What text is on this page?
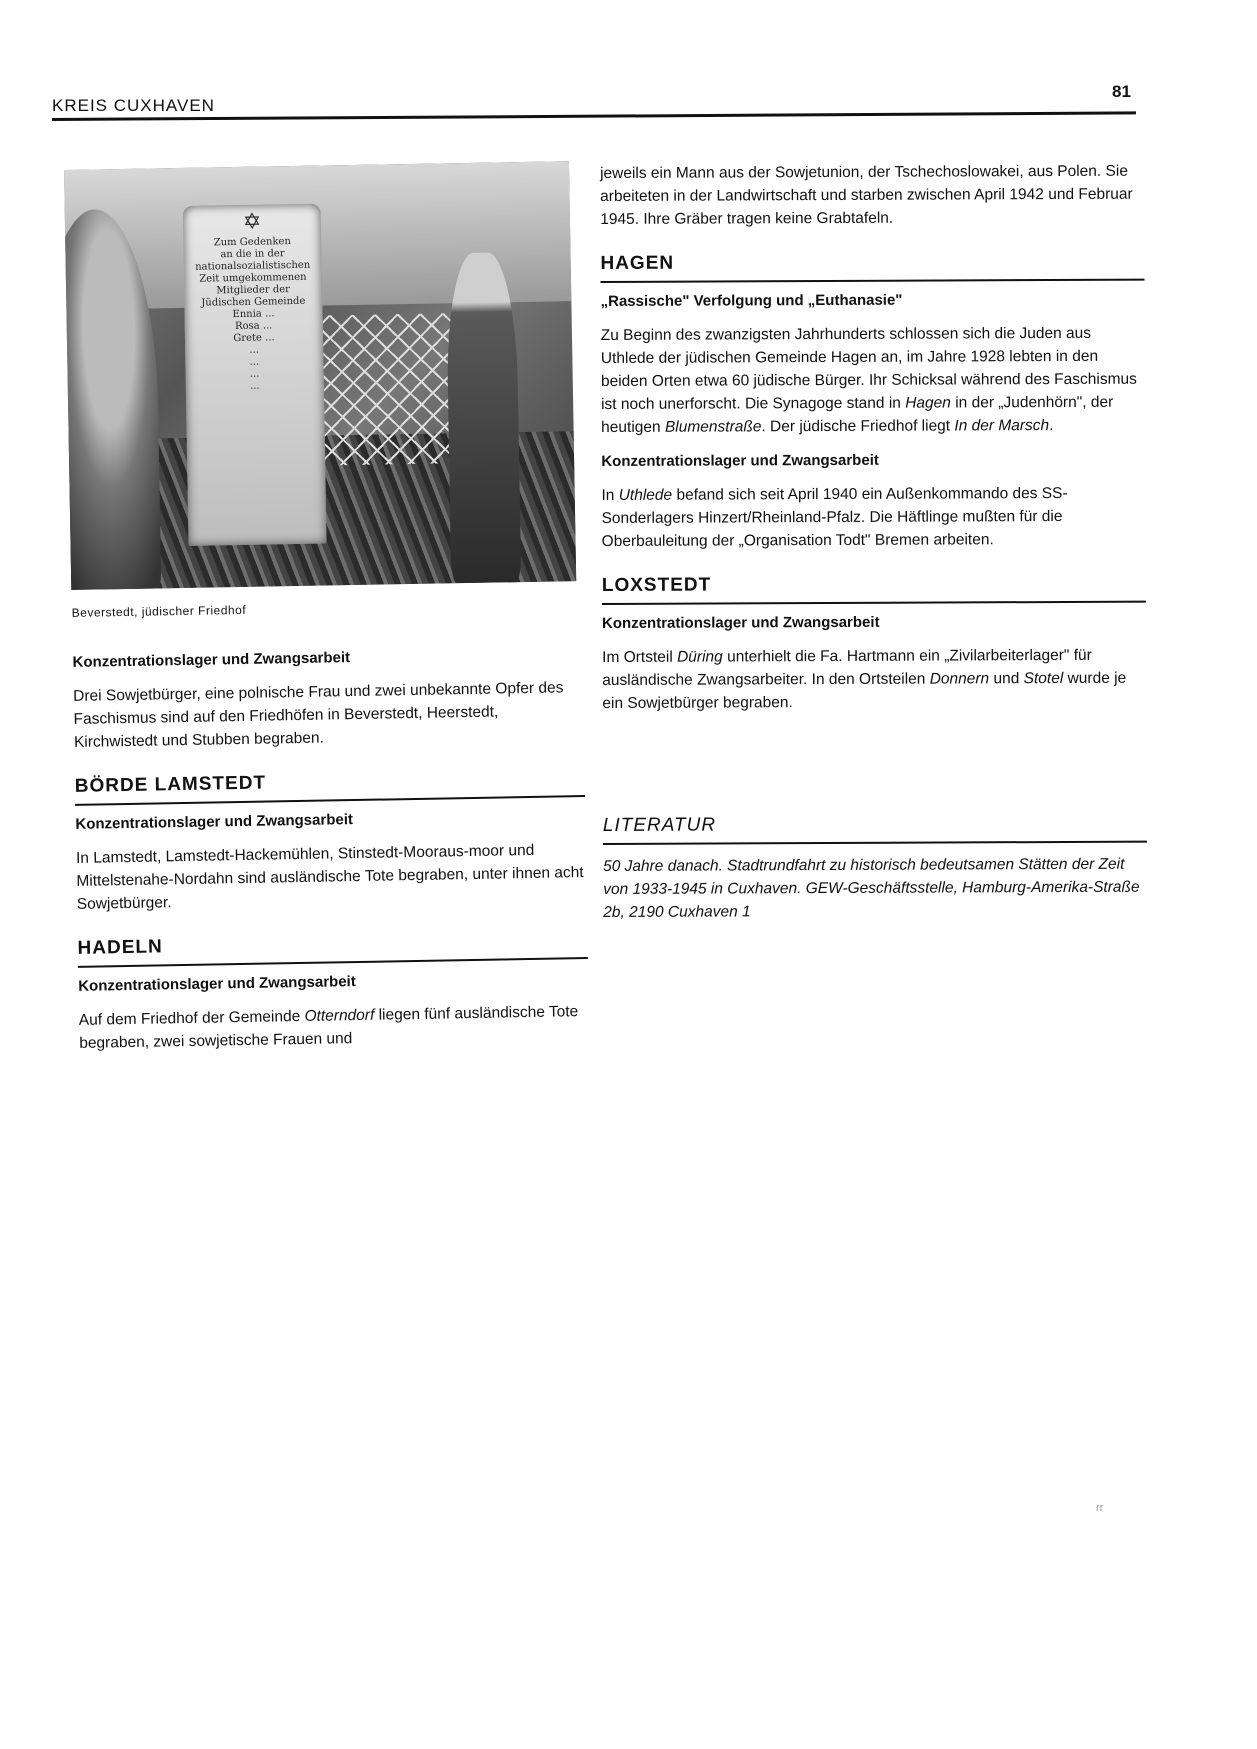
KREIS CUXHAVEN
81
✡
Zum Gedenken
an die in der
nationalsozialistischen
Zeit umgekommenen
Mitglieder der
Jüdischen Gemeinde
Ennia ...
Rosa ...
Grete ...
...
...
...
...
Beverstedt, jüdischer Friedhof
Konzentrationslager und Zwangsarbeit

Drei Sowjetbürger, eine polnische Frau und zwei unbekannte Opfer des Faschismus sind auf den Friedhöfen in Beverstedt, Heerstedt, Kirchwistedt und Stubben begraben.

BÖRDE LAMSTEDT
Konzentrationslager und Zwangsarbeit

In Lamstedt, Lamstedt-Hackemühlen, Stinstedt-Mooraus-moor und Mittelstenahe-Nordahn sind ausländische Tote begraben, unter ihnen acht Sowjetbürger.

HADELN
Konzentrationslager und Zwangsarbeit

Auf dem Friedhof der Gemeinde Otterndorf liegen fünf ausländische Tote begraben, zwei sowjetische Frauen und

jeweils ein Mann aus der Sowjetunion, der Tschechoslowakei, aus Polen. Sie arbeiteten in der Landwirtschaft und starben zwischen April 1942 und Februar 1945. Ihre Gräber tragen keine Grabtafeln.

HAGEN
„Rassische" Verfolgung und „Euthanasie"

Zu Beginn des zwanzigsten Jahrhunderts schlossen sich die Juden aus Uthlede der jüdischen Gemeinde Hagen an, im Jahre 1928 lebten in den beiden Orten etwa 60 jüdische Bürger. Ihr Schicksal während des Faschismus ist noch unerforscht. Die Synagoge stand in Hagen in der „Judenhörn", der heutigen Blumenstraße. Der jüdische Friedhof liegt In der Marsch.

Konzentrationslager und Zwangsarbeit

In Uthlede befand sich seit April 1940 ein Außenkommando des SS-Sonderlagers Hinzert/Rheinland-Pfalz. Die Häftlinge mußten für die Oberbauleitung der „Organisation Todt" Bremen arbeiten.

LOXSTEDT
Konzentrationslager und Zwangsarbeit

Im Ortsteil Düring unterhielt die Fa. Hartmann ein „Zivilarbeiterlager" für ausländische Zwangsarbeiter. In den Ortsteilen Donnern und Stotel wurde je ein Sowjetbürger begraben.

LITERATUR

50 Jahre danach. Stadtrundfahrt zu historisch bedeutsamen Stätten der Zeit von 1933-1945 in Cuxhaven. GEW-Geschäftsstelle, Hamburg-Amerika-Straße 2b, 2190 Cuxhaven 1

rr
